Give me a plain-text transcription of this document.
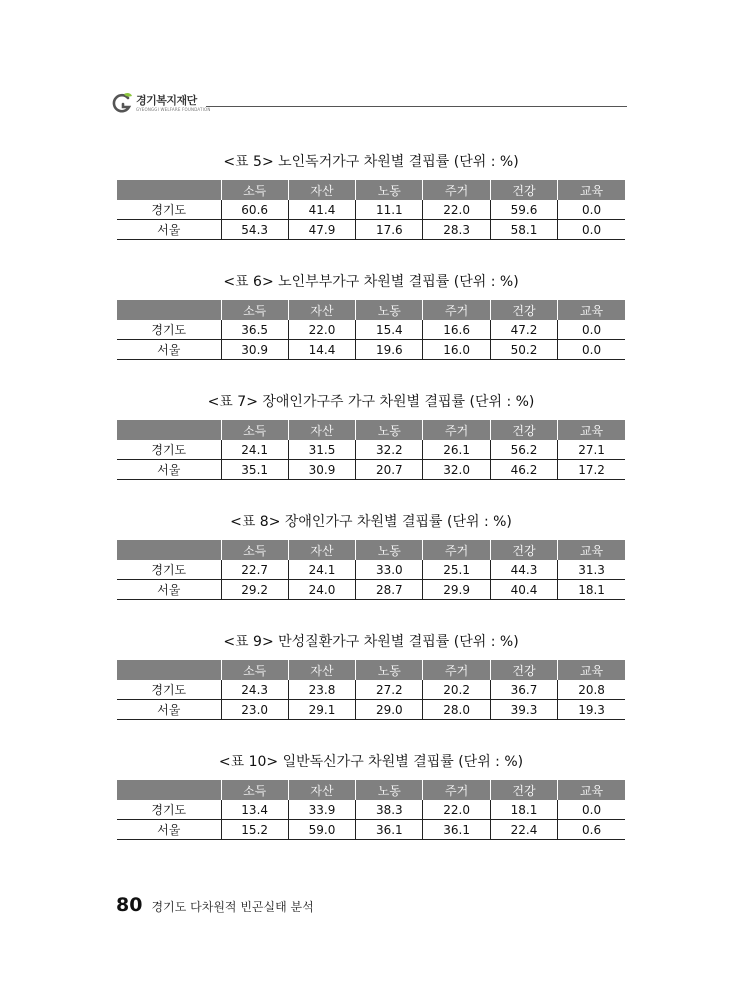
경기복지재단
GYEONGGI WELFARE FOUNDATION
<표 5> 노인독거가구 차원별 결핍률 (단위 : %)
	소득	자산	노동	주거	건강	교육
경기도	60.6	41.4	11.1	22.0	59.6	0.0
서울	54.3	47.9	17.6	28.3	58.1	0.0
<표 6> 노인부부가구 차원별 결핍률 (단위 : %)
	소득	자산	노동	주거	건강	교육
경기도	36.5	22.0	15.4	16.6	47.2	0.0
서울	30.9	14.4	19.6	16.0	50.2	0.0
<표 7> 장애인가구주 가구 차원별 결핍률 (단위 : %)
	소득	자산	노동	주거	건강	교육
경기도	24.1	31.5	32.2	26.1	56.2	27.1
서울	35.1	30.9	20.7	32.0	46.2	17.2
<표 8> 장애인가구 차원별 결핍률 (단위 : %)
	소득	자산	노동	주거	건강	교육
경기도	22.7	24.1	33.0	25.1	44.3	31.3
서울	29.2	24.0	28.7	29.9	40.4	18.1
<표 9> 만성질환가구 차원별 결핍률 (단위 : %)
	소득	자산	노동	주거	건강	교육
경기도	24.3	23.8	27.2	20.2	36.7	20.8
서울	23.0	29.1	29.0	28.0	39.3	19.3
<표 10> 일반독신가구 차원별 결핍률 (단위 : %)
	소득	자산	노동	주거	건강	교육
경기도	13.4	33.9	38.3	22.0	18.1	0.0
서울	15.2	59.0	36.1	36.1	22.4	0.6
80 경기도 다차원적 빈곤실태 분석
